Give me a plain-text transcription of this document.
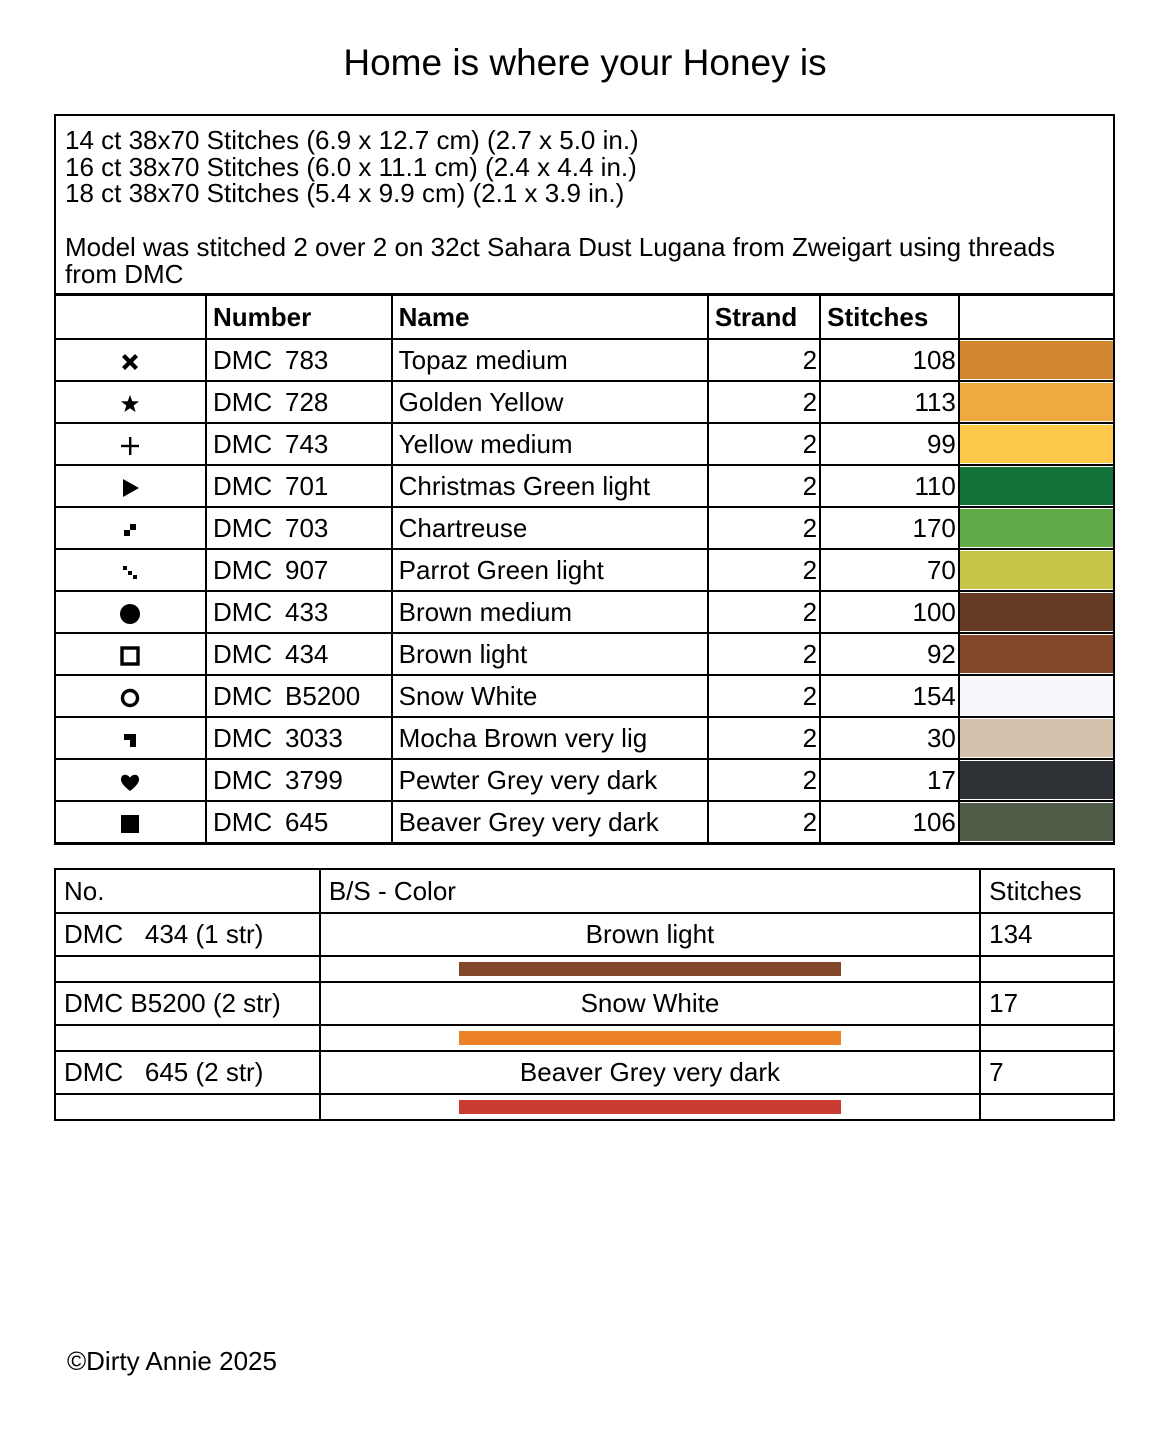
Home is where your Honey is
14 ct 38x70 Stitches (6.9 x 12.7 cm) (2.7 x 5.0 in.)
16 ct 38x70 Stitches (6.0 x 11.1 cm) (2.4 x 4.4 in.)
18 ct 38x70 Stitches (5.4 x 9.9 cm) (2.1 x 3.9 in.)
Model was stitched 2 over 2 on 32ct Sahara Dust Lugana from Zweigart using threads from DMC
	Number	Name	Strand	Stitches	
	DMC 783	Topaz medium	2	108	

	DMC 728	Golden Yellow	2	113	

	DMC 743	Yellow medium	2	99	

	DMC 701	Christmas Green light	2	110	

	DMC 703	Chartreuse	2	170	

	DMC 907	Parrot Green light	2	70	

	DMC 433	Brown medium	2	100	

	DMC 434	Brown light	2	92	

	DMC B5200	Snow White	2	154	

	DMC 3033	Mocha Brown very lig	2	30	

	DMC 3799	Pewter Grey very dark	2	17	

	DMC 645	Beaver Grey very dark	2	106	
No.	B/S - Color	Stitches
DMC   434 (1 str)	Brown light	134

DMC B5200 (2 str)	Snow White	17

DMC   645 (2 str)	Beaver Grey very dark	7

©Dirty Annie 2025
